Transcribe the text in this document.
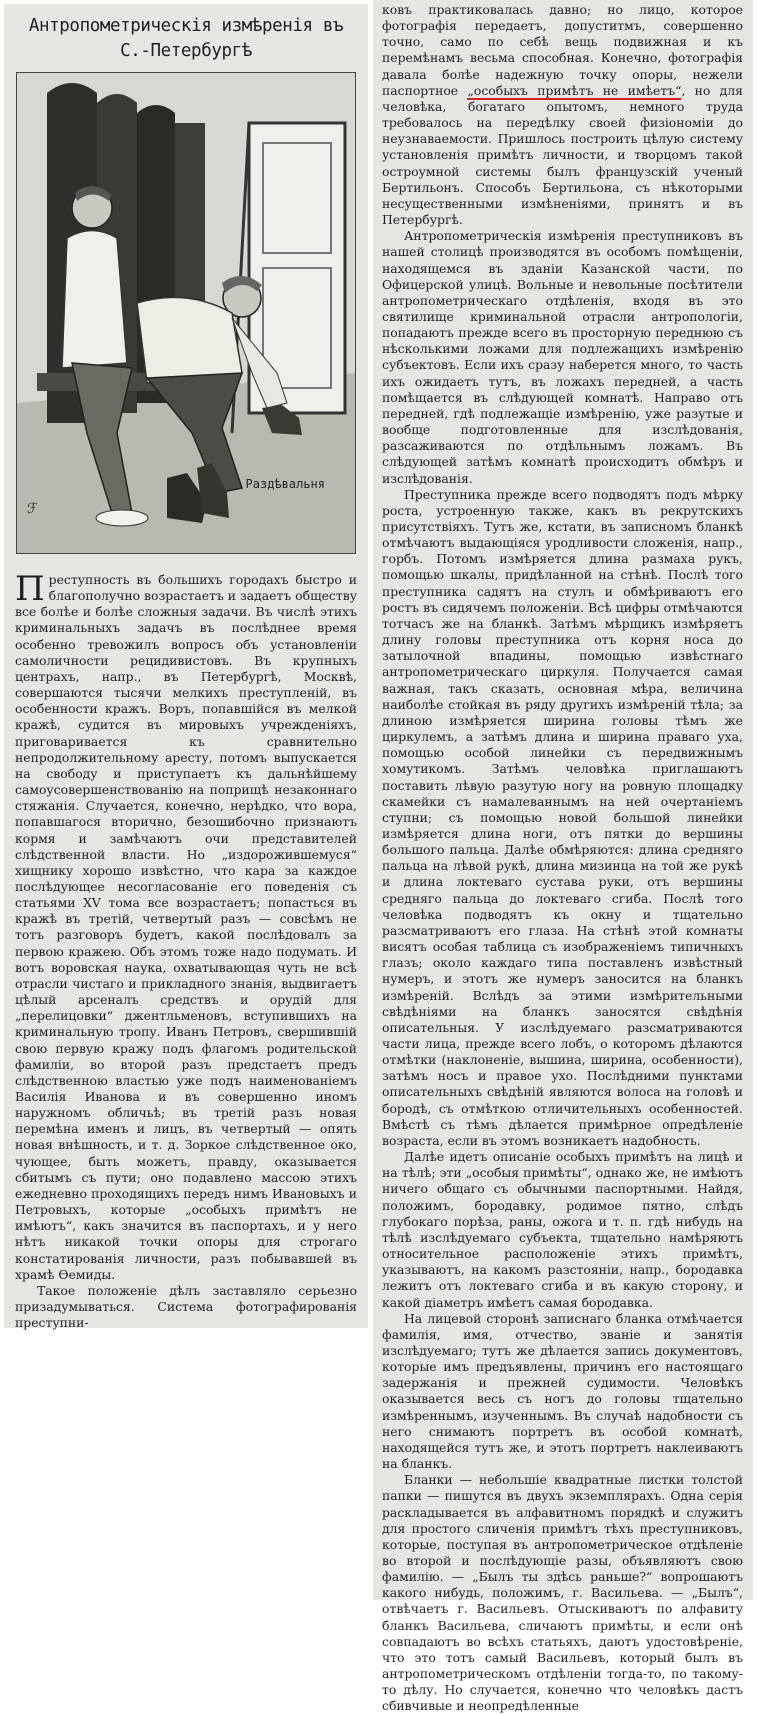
Антропометрическія измѣренія въ С.-Петербургѣ
ℱ
Раздѣвальня

Преступность въ большихъ городахъ быстро и благополучно возрастаетъ и задаетъ обществу все болѣе и болѣе сложныя задачи. Въ числѣ этихъ криминальныхъ задачъ въ послѣднее время особенно тревожилъ вопросъ объ установленіи самоличности рецидивистовъ. Въ крупныхъ центрахъ, напр., въ Петербургѣ, Москвѣ, совершаются тысячи мелкихъ преступленій, въ особенности кражъ. Воръ, попавшійся въ мелкой кражѣ, судится въ мировыхъ учрежденіяхъ, приговаривается къ сравнительно непродолжительному аресту, потомъ выпускается на свободу и приступаетъ къ дальнѣйшему самоусовершенствованію на поприщѣ незаконнаго стяжанія. Случается, конечно, нерѣдко, что вора, попавшагося вторично, безошибочно признаютъ кормя и замѣчаютъ очи представителей слѣдственной власти. Но „издорожившемуся“ хищнику хорошо извѣстно, что кара за каждое послѣдующее несогласованіе его поведенія съ статьями XV тома все возрастаетъ; попасться въ кражѣ въ третій, четвертый разъ — совсѣмъ не тотъ разговоръ будетъ, какой послѣдовалъ за первою кражею. Объ этомъ тоже надо подумать. И вотъ воровская наука, охватывающая чуть не всѣ отрасли чистаго и прикладного знанія, выдвигаетъ цѣлый арсеналъ средствъ и орудій для „перелицовки“ джентльменовъ, вступившихъ на криминальную тропу. Иванъ Петровъ, свершившій свою первую кражу подъ флагомъ родительской фамиліи, во второй разъ предстаетъ предъ слѣдственною властью уже подъ наименованіемъ Василія Иванова и въ совершенно иномъ наружномъ обличьѣ; въ третій разъ новая перемѣна именъ и лицъ, въ четвертый — опять новая внѣшность, и т. д. Зоркое слѣдственное око, чующее, быть можетъ, правду, оказывается сбитымъ съ пути; оно подавлено массою этихъ ежедневно проходящихъ передъ нимъ Ивановыхъ и Петровыхъ, которые „особыхъ примѣтъ не имѣютъ“, какъ значится въ паспортахъ, и у него нѣтъ никакой точки опоры для строгаго констатированія личности, разъ побывавшей въ храмѣ Ѳемиды.

Такое положеніе дѣлъ заставляло серьезно призадумываться. Система фотографированія преступни-

ковъ практиковалась давно; но лицо, которое фотографія передаетъ, допуститмъ, совершенно точно, само по себѣ вещь подвижная и къ перемѣнамъ весьма способная. Конечно, фотографія давала болѣе надежную точку опоры, нежели паспортное „особыхъ примѣтъ не имѣетъ“, но для человѣка, богатаго опытомъ, немного труда требовалось на передѣлку своей физіономіи до неузнаваемости. Пришлось построить цѣлую систему установленія примѣтъ личности, и творцомъ такой остроумной системы былъ французскій ученый Бертильонъ. Способъ Бертильона, съ нѣкоторыми несущественными измѣненіями, принятъ и въ Петербургѣ.

Антропометрическія измѣренія преступниковъ въ нашей столицѣ производятся въ особомъ помѣщеніи, находящемся въ зданіи Казанской части, по Офицерской улицѣ. Вольные и невольные посѣтители антропометрическаго отдѣленія, входя въ это святилище криминальной отрасли антропологіи, попадаютъ прежде всего въ просторную переднюю съ нѣсколькими ложами для подлежащихъ измѣренію субъектовъ. Если ихъ сразу наберется много, то часть ихъ ожидаетъ тутъ, въ ложахъ передней, а часть помѣщается въ слѣдующей комнатѣ. Направо отъ передней, гдѣ подлежащіе измѣренію, уже разутые и вообще подготовленные для изслѣдованія, разсаживаются по отдѣльнымъ ложамъ. Въ слѣдующей затѣмъ комнатѣ происходитъ обмѣръ и изслѣдованія.

Преступника прежде всего подводятъ подъ мѣрку роста, устроенную также, какъ въ рекрутскихъ присутствіяхъ. Тутъ же, кстати, въ записномъ бланкѣ отмѣчаютъ выдающіяся уродливости сложенія, напр., горбъ. Потомъ измѣряется длина размаха рукъ, помощью шкалы, придѣланной на стѣнѣ. Послѣ того преступника садятъ на стулъ и обмѣриваютъ его ростъ въ сидячемъ положеніи. Всѣ цифры отмѣчаются тотчасъ же на бланкѣ. Затѣмъ мѣрщикъ измѣряетъ длину головы преступника отъ корня носа до затылочной впадины, помощью извѣстнаго антропометрическаго циркуля. Получается самая важная, такъ сказать, основная мѣра, величина наиболѣе стойкая въ ряду другихъ измѣреній тѣла; за длиною измѣряется ширина головы тѣмъ же циркулемъ, а затѣмъ длина и ширина праваго уха, помощью особой линейки съ передвижнымъ хомутикомъ. Затѣмъ человѣка приглашаютъ поставить лѣвую разутую ногу на ровную площадку скамейки съ намалеваннымъ на ней очертаніемъ ступни; съ помощью новой большой линейки измѣряется длина ноги, отъ пятки до вершины большого пальца. Далѣе обмѣряются: длина средняго пальца на лѣвой рукѣ, длина мизинца на той же рукѣ и длина локтеваго сустава руки, отъ вершины средняго пальца до локтеваго сгиба. Послѣ того человѣка подводятъ къ окну и тщательно разсматриваютъ его глаза. На стѣнѣ этой комнаты висятъ особая таблица съ изображеніемъ типичныхъ глазъ; около каждаго типа поставленъ извѣстный нумеръ, и этотъ же нумеръ заносится на бланкъ измѣреній. Вслѣдъ за этими измѣрительными свѣдѣніями на бланкъ заносятся свѣдѣнія описательныя. У изслѣдуемаго разсматриваются части лица, прежде всего лобъ, о которомъ дѣлаются отмѣтки (наклоненіе, вышина, ширина, особенности), затѣмъ носъ и правое ухо. Послѣдними пунктами описательныхъ свѣдѣній являются волоса на головѣ и бородѣ, съ отмѣткою отличительныхъ особенностей. Вмѣстѣ съ тѣмъ дѣлается примѣрное опредѣленіе возраста, если въ этомъ возникаетъ надобность.

Далѣе идетъ описаніе особыхъ примѣтъ на лицѣ и на тѣлѣ; эти „особыя примѣты“, однако же, не имѣютъ ничего общаго съ обычными паспортными. Найдя, положимъ, бородавку, родимое пятно, слѣдъ глубокаго порѣза, раны, ожога и т. п. гдѣ нибудь на тѣлѣ изслѣдуемаго субъекта, тщательно намѣряютъ относительное расположеніе этихъ примѣтъ, указываютъ, на какомъ разстояніи, напр., бородавка лежитъ отъ локтеваго сгиба и въ какую сторону, и какой діаметръ имѣетъ самая бородавка.

На лицевой сторонѣ записнаго бланка отмѣчается фамилія, имя, отчество, званіе и занятія изслѣдуемаго; тутъ же дѣлается запись документовъ, которые имъ предъявлены, причинъ его настоящаго задержанія и прежней судимости. Человѣкъ оказывается весь съ ногъ до головы тщательно измѣреннымъ, изученнымъ. Въ случаѣ надобности съ него снимаютъ портретъ въ особой комнатѣ, находящейся тутъ же, и этотъ портретъ наклеиваютъ на бланкъ.

Бланки — небольшіе квадратные листки толстой папки — пишутся въ двухъ экземплярахъ. Одна серія раскладывается въ алфавитномъ порядкѣ и служитъ для простого сличенія примѣтъ тѣхъ преступниковъ, которые, поступая въ антропометрическое отдѣленіе во второй и послѣдующіе разы, объявляютъ свою фамилію. — „Былъ ты здѣсь раньше?“ вопрошаютъ какого нибудь, положимъ, г. Васильева. — „Былъ“, отвѣчаетъ г. Васильевъ. Отыскиваютъ по алфавиту бланкъ Васильева, сличаютъ примѣты, и если онѣ совпадаютъ во всѣхъ статьяхъ, даютъ удостовѣреніе, что это тотъ самый Васильевъ, который былъ въ антропометрическомъ отдѣленіи тогда-то, по такому-то дѣлу. Но случается, конечно что человѣкъ дастъ сбивчивые и неопредѣленные
